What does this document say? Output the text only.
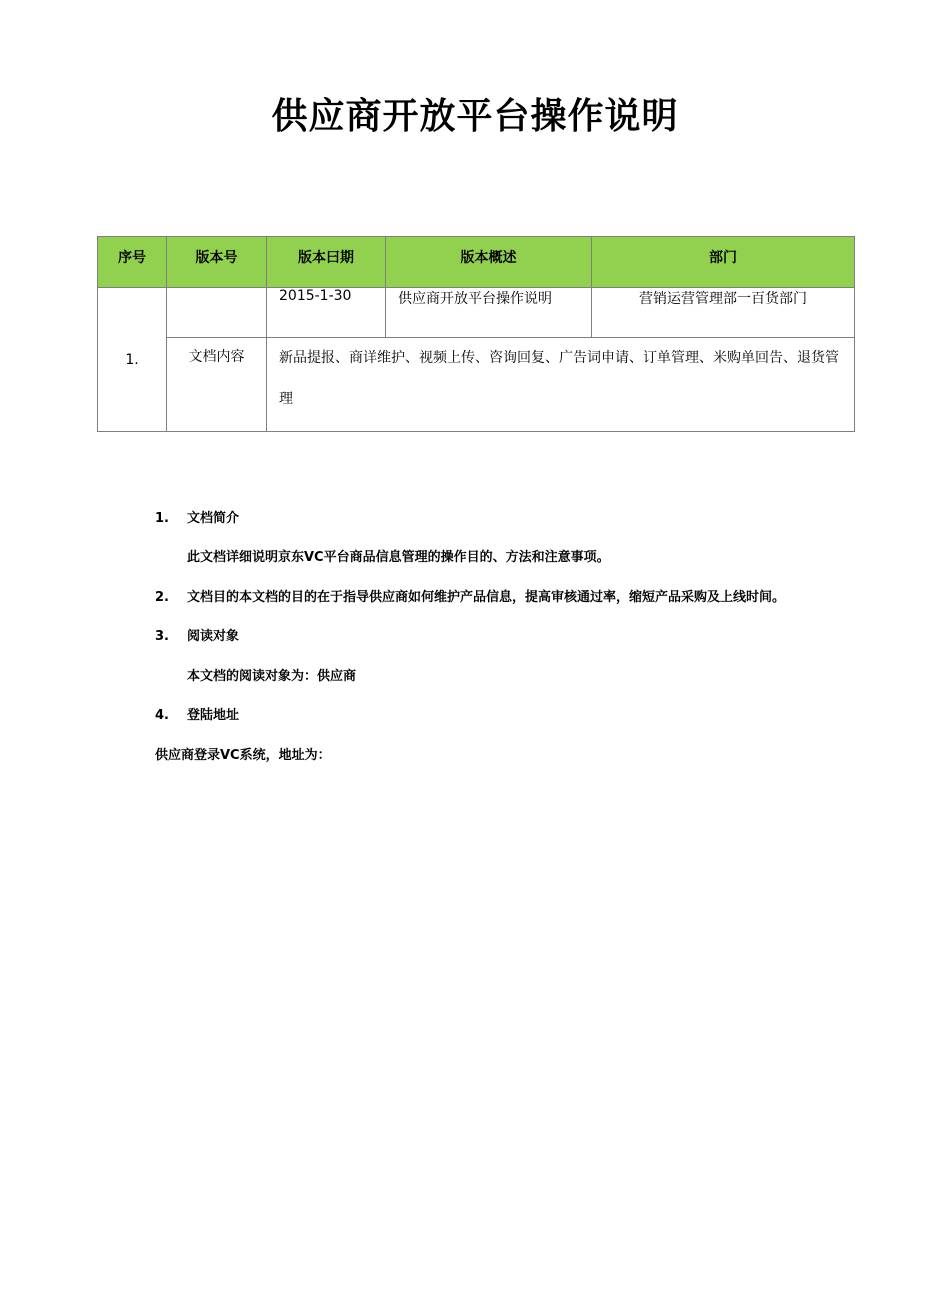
供应商开放平台操作说明
序号	版本号	版本曰期	版本概述	部门
1.		2015-1-30	供应商开放平台操作说明	营销运营管理部一百货部门
	文档内容	新品提报、商详维护、视频上传、咨询回复、广告词申请、订单管理、米购单回告、退货管理		
1. 文档简介
此文档详细说明京东VC平台商品信息管理的操作目的、方法和注意事项。
2. 文档目的本文档的目的在于指导供应商如何维护产品信息，提高审核通过率，缩短产品采购及上线时间。
3. 阅读对象
本文档的阅读对象为：供应商
4. 登陆地址
供应商登录VC系统，地址为：
